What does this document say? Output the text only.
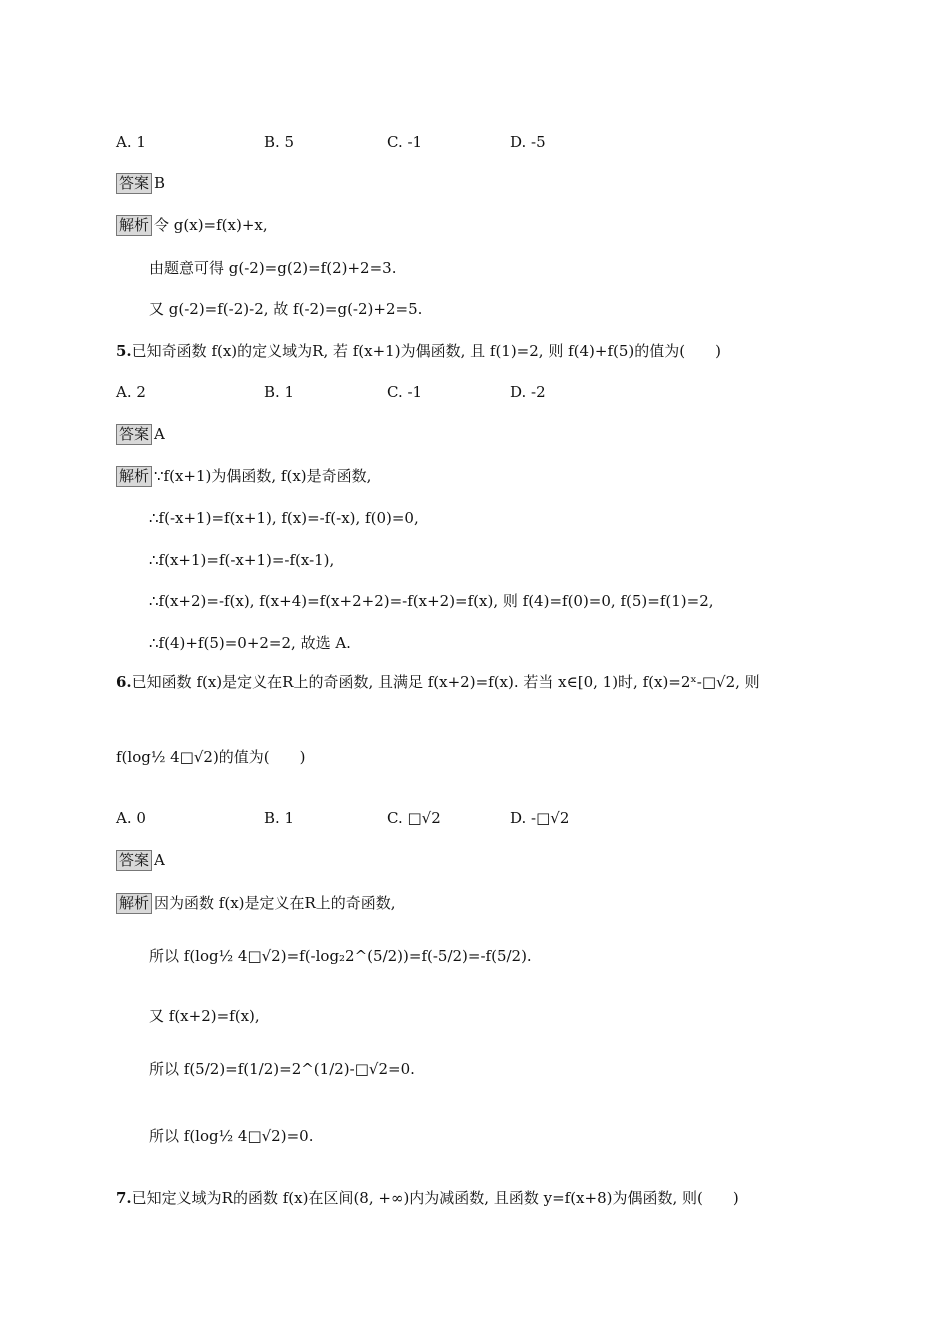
A. 1	B. 5	C. -1	D. -5
答案 B
解析 令 g(x)=f(x)+x,
由题意可得 g(-2)=g(2)=f(2)+2=3.
又 g(-2)=f(-2)-2, 故 f(-2)=g(-2)+2=5.
5.已知奇函数 f(x)的定义域为R, 若 f(x+1)为偶函数, 且 f(1)=2, 则 f(4)+f(5)的值为(　　)
A. 2	B. 1	C. -1	D. -2
答案 A
解析 ∵f(x+1)为偶函数, f(x)是奇函数,
∴f(-x+1)=f(x+1), f(x)=-f(-x), f(0)=0,
∴f(x+1)=f(-x+1)=-f(x-1),
∴f(x+2)=-f(x), f(x+4)=f(x+2+2)=-f(x+2)=f(x), 则 f(4)=f(0)=0, f(5)=f(1)=2,
∴f(4)+f(5)=0+2=2, 故选 A.
6.已知函数 f(x)是定义在R上的奇函数, 且满足 f(x+2)=f(x). 若当 x∈[0, 1)时, f(x)=2ˣ-□√2, 则
f(log½ 4□√2)的值为(　　)
A. 0	B. 1	C. □√2	D. -□√2
答案 A
解析 因为函数 f(x)是定义在R上的奇函数,
所以 f(log½ 4□√2)=f(-log₂2^(5/2))=f(-5/2)=-f(5/2).
又 f(x+2)=f(x),
所以 f(5/2)=f(1/2)=2^(1/2)-□√2=0.
所以 f(log½ 4□√2)=0.
7.已知定义域为R的函数 f(x)在区间(8, +∞)内为减函数, 且函数 y=f(x+8)为偶函数, 则(　　)
